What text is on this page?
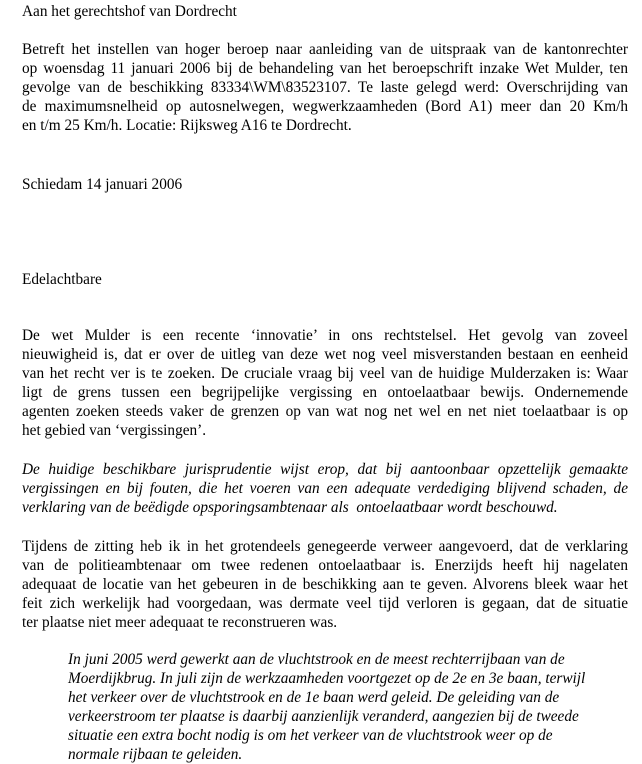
Aan het gerechtshof van Dordrecht
Betreft het instellen van hoger beroep naar aanleiding van de uitspraak van de kantonrechter
op woensdag 11 januari 2006 bij de behandeling van het beroepschrift inzake Wet Mulder, ten
gevolge van de beschikking 83334\WM\83523107. Te laste gelegd werd: Overschrijding van
de maximumsnelheid op autosnelwegen, wegwerkzaamheden (Bord A1) meer dan 20 Km/h
en t/m 25 Km/h. Locatie: Rijksweg A16 te Dordrecht.
Schiedam 14 januari 2006
Edelachtbare
De wet Mulder is een recente ‘innovatie’ in ons rechtstelsel. Het gevolg van zoveel
nieuwigheid is, dat er over de uitleg van deze wet nog veel misverstanden bestaan en eenheid
van het recht ver is te zoeken. De cruciale vraag bij veel van de huidige Mulderzaken is: Waar
ligt de grens tussen een begrijpelijke vergissing en ontoelaatbaar bewijs. Ondernemende
agenten zoeken steeds vaker de grenzen op van wat nog net wel en net niet toelaatbaar is op
het gebied van ‘vergissingen’.
De huidige beschikbare jurisprudentie wijst erop, dat bij aantoonbaar opzettelijk gemaakte
vergissingen en bij fouten, die het voeren van een adequate verdediging blijvend schaden, de
verklaring van de beëdigde opsporingsambtenaar als  ontoelaatbaar wordt beschouwd.
Tijdens de zitting heb ik in het grotendeels genegeerde verweer aangevoerd, dat de verklaring
van de politieambtenaar om twee redenen ontoelaatbaar is. Enerzijds heeft hij nagelaten
adequaat de locatie van het gebeuren in de beschikking aan te geven. Alvorens bleek waar het
feit zich werkelijk had voorgedaan, was dermate veel tijd verloren is gegaan, dat de situatie
ter plaatse niet meer adequaat te reconstrueren was.
In juni 2005 werd gewerkt aan de vluchtstrook en de meest rechterrijbaan van de
Moerdijkbrug. In juli zijn de werkzaamheden voortgezet op de 2e en 3e baan, terwijl
het verkeer over de vluchtstrook en de 1e baan werd geleid. De geleiding van de
verkeerstroom ter plaatse is daarbij aanzienlijk veranderd, aangezien bij de tweede
situatie een extra bocht nodig is om het verkeer van de vluchtstrook weer op de
normale rijbaan te geleiden.
